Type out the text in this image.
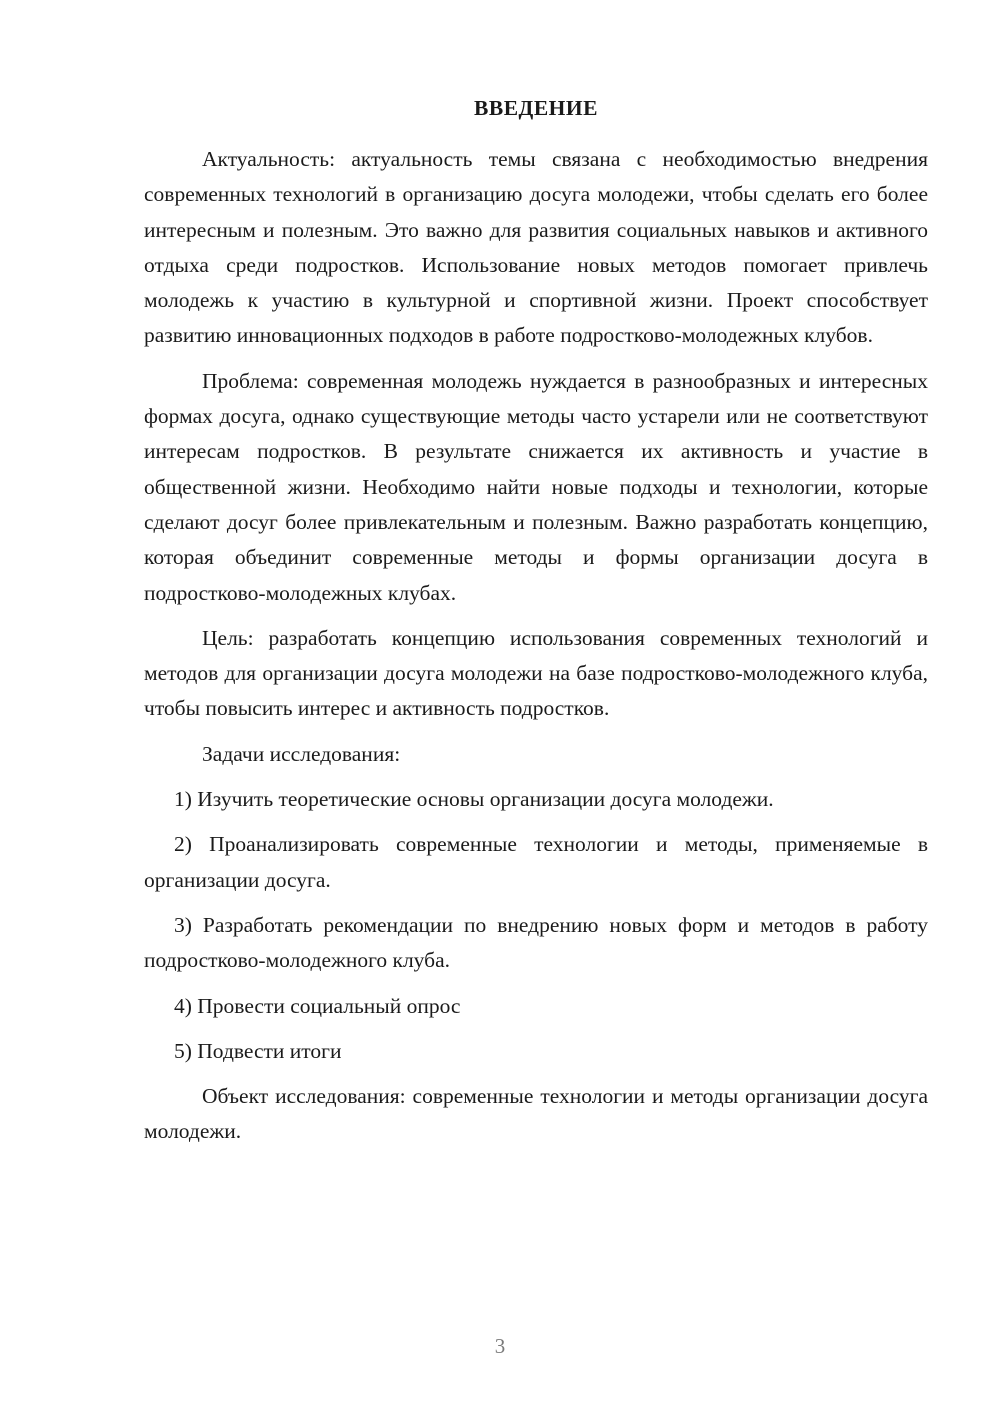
ВВЕДЕНИЕ

Актуальность: актуальность темы связана с необходимостью внедрения современных технологий в организацию досуга молодежи, чтобы сделать его более интересным и полезным. Это важно для развития социальных навыков и активного отдыха среди подростков. Использование новых методов помогает привлечь молодежь к участию в культурной и спортивной жизни. Проект способствует развитию инновационных подходов в работе подростково-молодежных клубов.

Проблема: современная молодежь нуждается в разнообразных и интересных формах досуга, однако существующие методы часто устарели или не соответствуют интересам подростков. В результате снижается их активность и участие в общественной жизни. Необходимо найти новые подходы и технологии, которые сделают досуг более привлекательным и полезным. Важно разработать концепцию, которая объединит современные методы и формы организации досуга в подростково-молодежных клубах.

Цель: разработать концепцию использования современных технологий и методов для организации досуга молодежи на базе подростково-молодежного клуба, чтобы повысить интерес и активность подростков.

Задачи исследования:

1) Изучить теоретические основы организации досуга молодежи.

2) Проанализировать современные технологии и методы, применяемые в организации досуга.

3) Разработать рекомендации по внедрению новых форм и методов в работу подростково-молодежного клуба.

4) Провести социальный опрос

5) Подвести итоги

Объект исследования: современные технологии и методы организации досуга молодежи.

3
